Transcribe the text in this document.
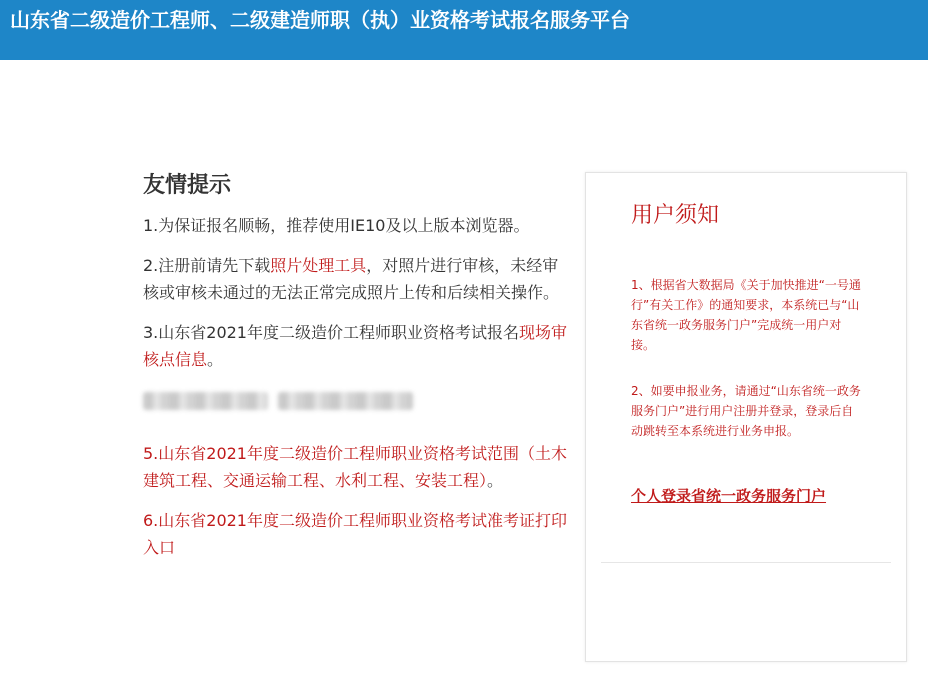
山东省二级造价工程师、二级建造师职（执）业资格考试报名服务平台
友情提示

1.为保证报名顺畅，推荐使用IE10及以上版本浏览器。

2.注册前请先下载照片处理工具，对照片进行审核，未经审核或审核未通过的无法正常完成照片上传和后续相关操作。

3.山东省2021年度二级造价工程师职业资格考试报名现场审核点信息。

5.山东省2021年度二级造价工程师职业资格考试范围（土木建筑工程、交通运输工程、水利工程、安装工程）。

6.山东省2021年度二级造价工程师职业资格考试准考证打印入口

用户须知

1、根据省大数据局《关于加快推进“一号通行”有关工作》的通知要求，本系统已与“山东省统一政务服务门户”完成统一用户对接。

2、如要申报业务，请通过“山东省统一政务服务门户”进行用户注册并登录，登录后自动跳转至本系统进行业务申报。

个人登录省统一政务服务门户
